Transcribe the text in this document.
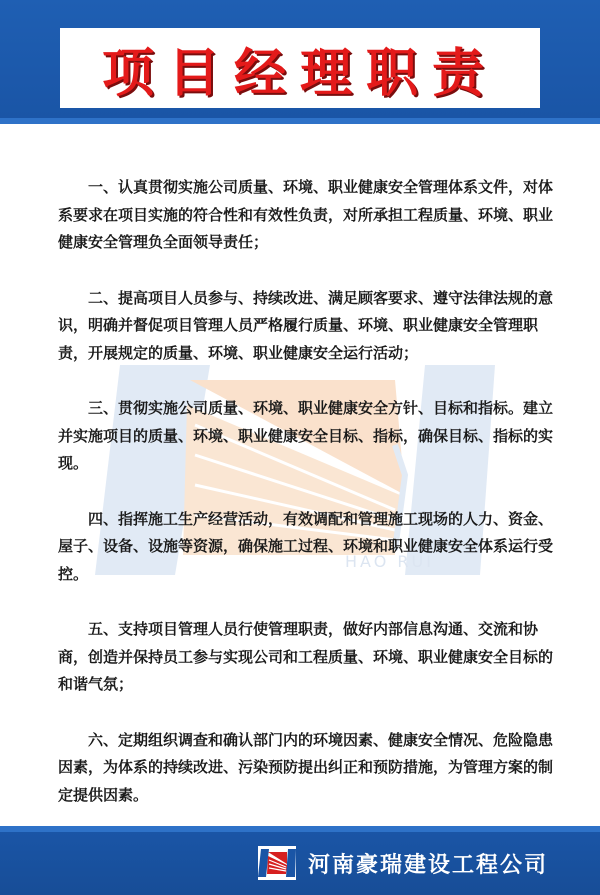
项目经理职责
HAO RUI

一、认真贯彻实施公司质量、环境、职业健康安全管理体系文件，对体系要求在项目实施的符合性和有效性负责，对所承担工程质量、环境、职业健康安全管理负全面领导责任；

二、提高项目人员参与、持续改进、满足顾客要求、遵守法律法规的意识，明确并督促项目管理人员严格履行质量、环境、职业健康安全管理职责，开展规定的质量、环境、职业健康安全运行活动；

三、贯彻实施公司质量、环境、职业健康安全方针、目标和指标。建立并实施项目的质量、环境、职业健康安全目标、指标，确保目标、指标的实现。

四、指挥施工生产经营活动，有效调配和管理施工现场的人力、资金、屋子、设备、设施等资源，确保施工过程、环境和职业健康安全体系运行受控。

五、支持项目管理人员行使管理职责，做好内部信息沟通、交流和协商，创造并保持员工参与实现公司和工程质量、环境、职业健康安全目标的和谐气氛；

六、定期组织调查和确认部门内的环境因素、健康安全情况、危险隐患因素，为体系的持续改进、污染预防提出纠正和预防措施，为管理方案的制定提供因素。

河南豪瑞建设工程公司
